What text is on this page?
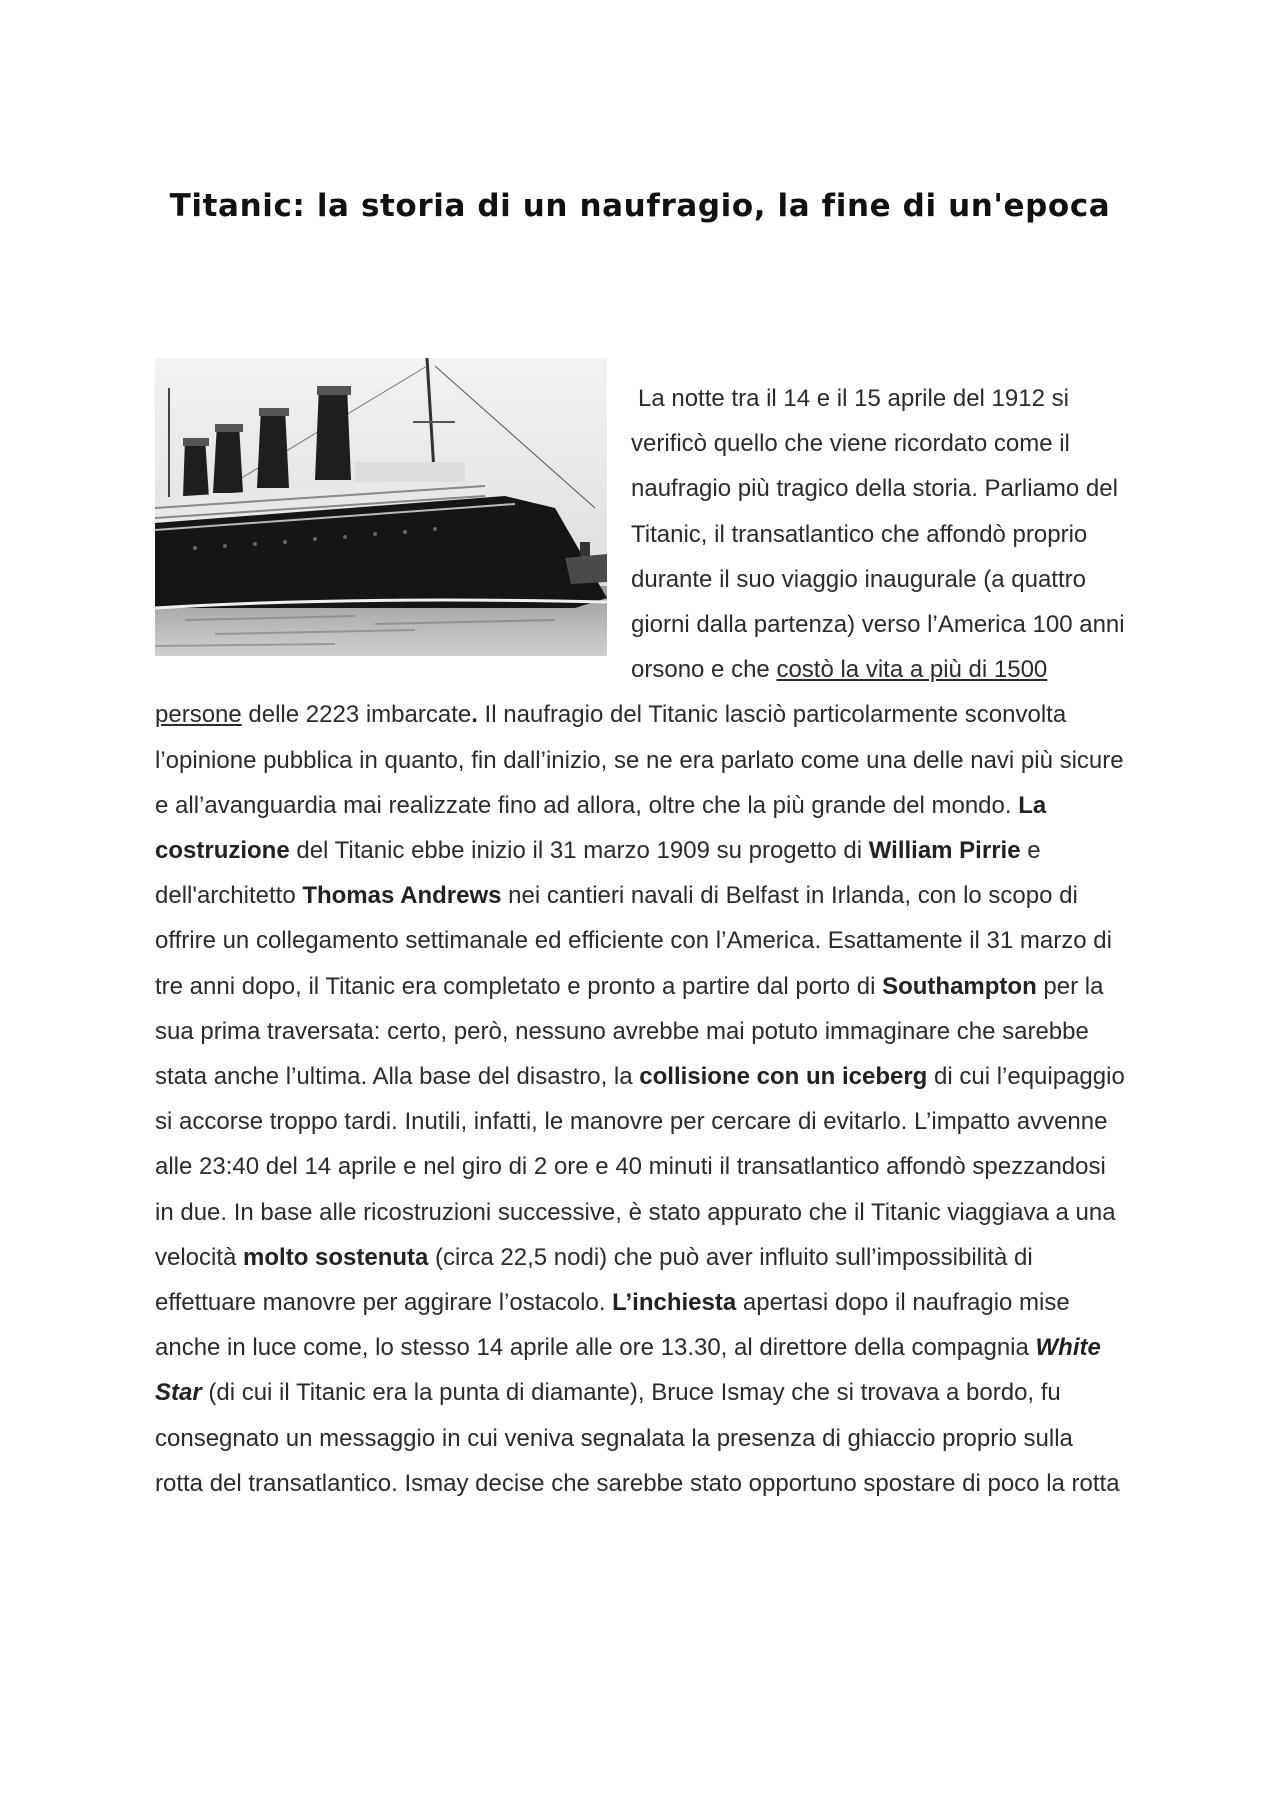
Titanic: la storia di un naufragio, la fine di un'epoca

La notte tra il 14 e il 15 aprile del 1912 si verificò quello che viene ricordato come il naufragio più tragico della storia. Parliamo del Titanic, il transatlantico che affondò proprio durante il suo viaggio inaugurale (a quattro giorni dalla partenza) verso l’America 100 anni orsono e che costò la vita a più di 1500 persone delle 2223 imbarcate. Il naufragio del Titanic lasciò particolarmente sconvolta l’opinione pubblica in quanto, fin dall’inizio, se ne era parlato come una delle navi più sicure e all’avanguardia mai realizzate fino ad allora, oltre che la più grande del mondo. La costruzione del Titanic ebbe inizio il 31 marzo 1909 su progetto di William Pirrie e dell'architetto Thomas Andrews nei cantieri navali di Belfast in Irlanda, con lo scopo di offrire un collegamento settimanale ed efficiente con l’America. Esattamente il 31 marzo di tre anni dopo, il Titanic era completato e pronto a partire dal porto di Southampton per la sua prima traversata: certo, però, nessuno avrebbe mai potuto immaginare che sarebbe stata anche l’ultima. Alla base del disastro, la collisione con un iceberg di cui l’equipaggio si accorse troppo tardi. Inutili, infatti, le manovre per cercare di evitarlo. L’impatto avvenne alle 23:40 del 14 aprile e nel giro di 2 ore e 40 minuti il transatlantico affondò spezzandosi in due. In base alle ricostruzioni successive, è stato appurato che il Titanic viaggiava a una velocità molto sostenuta (circa 22,5 nodi) che può aver influito sull’impossibilità di effettuare manovre per aggirare l’ostacolo. L’inchiesta apertasi dopo il naufragio mise anche in luce come, lo stesso 14 aprile alle ore 13.30, al direttore della compagnia White Star (di cui il Titanic era la punta di diamante), Bruce Ismay che si trovava a bordo, fu consegnato un messaggio in cui veniva segnalata la presenza di ghiaccio proprio sulla rotta del transatlantico. Ismay decise che sarebbe stato opportuno spostare di poco la rotta
